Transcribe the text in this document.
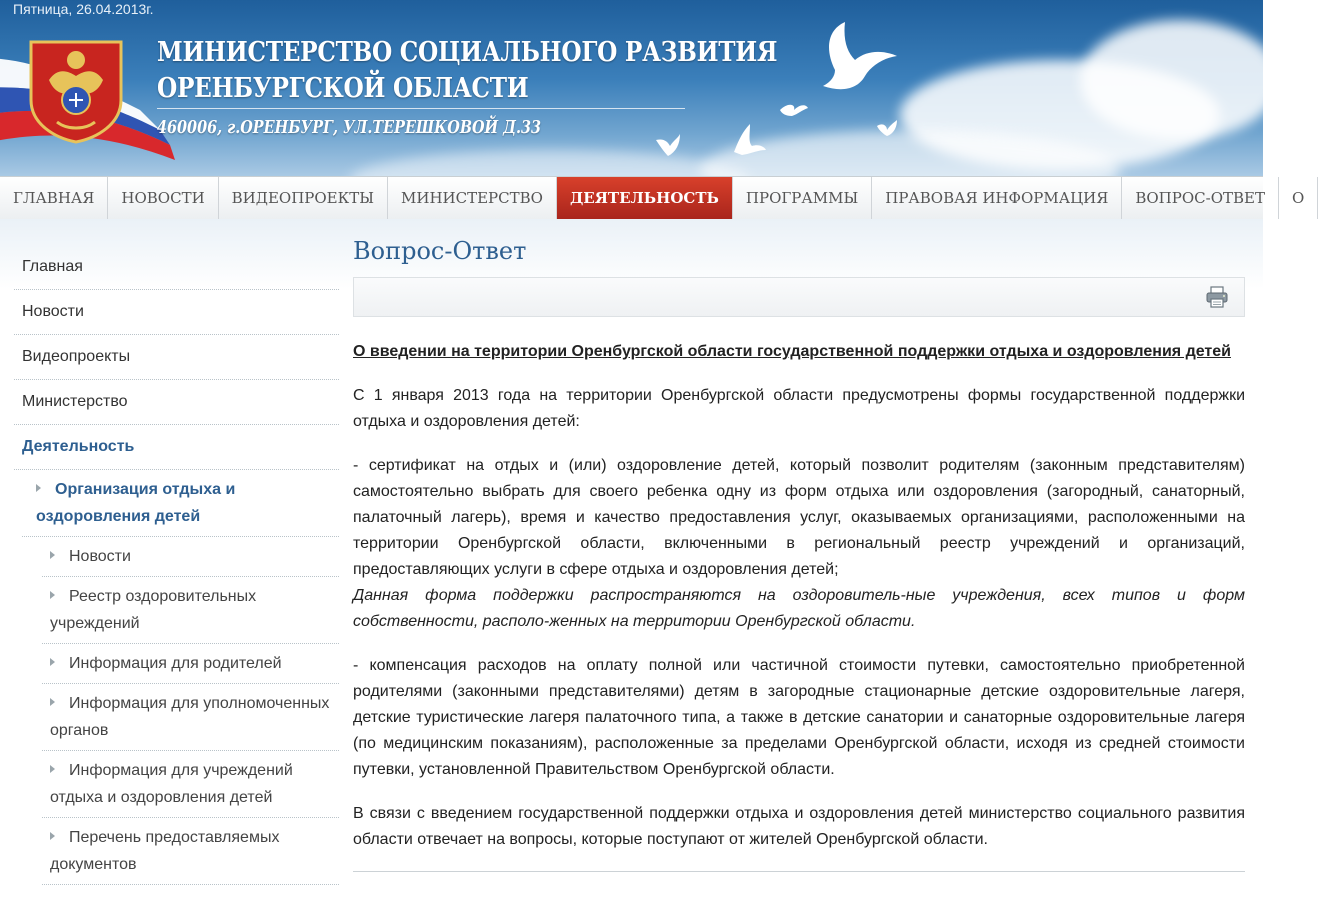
Пятница, 26.04.2013г.
МИНИСТЕРСТВО СОЦИАЛЬНОГО РАЗВИТИЯ
ОРЕНБУРГСКОЙ ОБЛАСТИ
460006, г.ОРЕНБУРГ, УЛ.ТЕРЕШКОВОЙ Д.33
ГЛАВНАЯ	НОВОСТИ	ВИДЕОПРОЕКТЫ	МИНИСТЕРСТВО	ДЕЯТЕЛЬНОСТЬ	ПРОГРАММЫ	ПРАВОВАЯ ИНФОРМАЦИЯ	ВОПРОС-ОТВЕТ	О
Главная
Новости
Видеопроекты
Министерство
Деятельность
Организация отдыха и оздоровления детей
Новости
Реестр оздоровительных учреждений
Информация для родителей
Информация для уполномоченных органов
Информация для учреждений отдыха и оздоровления детей
Перечень предоставляемых документов
Вопрос-Ответ

О введении на территории Оренбургской области государственной поддержки отдыха и оздоровления детей

С 1 января 2013 года на территории Оренбургской области предусмотрены формы государственной поддержки отдыха и оздоровления детей:

- сертификат на отдых и (или) оздоровление детей, который позволит родителям (законным представителям) самостоятельно выбрать для своего ребенка одну из форм отдыха или оздоровления (загородный, санаторный, палаточный лагерь), время и качество предоставления услуг, оказываемых организациями, расположенными на территории Оренбургской области, включенными в региональный реестр учреждений и организаций, предоставляющих услуги в сфере отдыха и оздоровления детей;

Данная форма поддержки распространяются на оздоровитель-ные учреждения, всех типов и форм собственности, располо-женных на территории Оренбургской области.

- компенсация расходов на оплату полной или частичной стоимости путевки, самостоятельно приобретенной родителями (законными представителями) детям в загородные стационарные детские оздоровительные лагеря, детские туристические лагеря палаточного типа, а также в детские санатории и санаторные оздоровительные лагеря (по медицинским показаниям), расположенные за пределами Оренбургской области, исходя из средней стоимости путевки, установленной Правительством Оренбургской области.

В связи с введением государственной поддержки отдыха и оздоровления детей министерство социального развития области отвечает на вопросы, которые поступают от жителей Оренбургской области.
